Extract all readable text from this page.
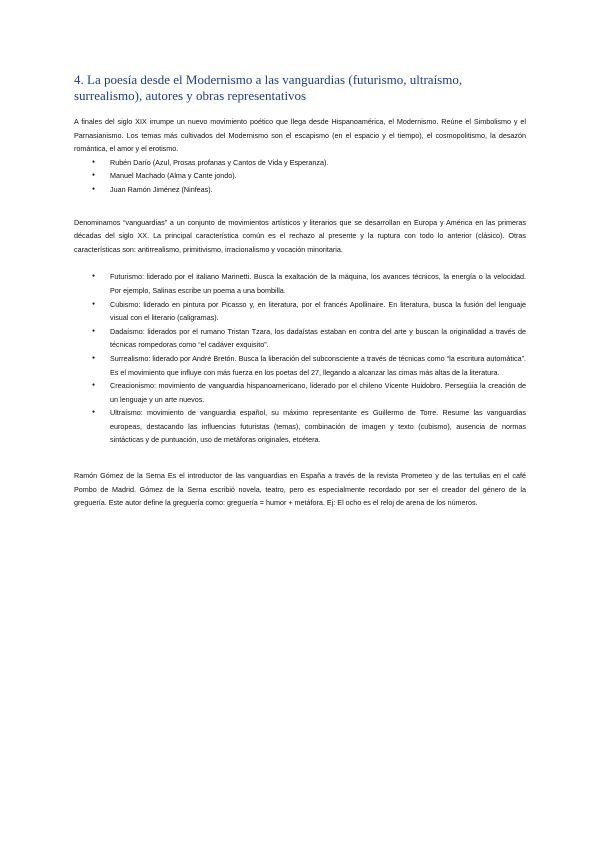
4. La poesía desde el Modernismo a las vanguardias (futurismo, ultraísmo, surrealismo), autores y obras representativos

A finales del siglo XIX irrumpe un nuevo movimiento poético que llega desde Hispanoamérica, el Modernismo. Reúne el Simbolismo y el Parnasianismo. Los temas más cultivados del Modernismo son el escapismo (en el espacio y el tiempo), el cosmopolitismo, la desazón romántica, el amor y el erotismo.

● Rubén Darío (Azul, Prosas profanas y Cantos de Vida y Esperanza).
● Manuel Machado (Alma y Cante jondo).
● Juan Ramón Jiménez (Ninfeas).

Denominamos “vanguardias” a un conjunto de movimientos artísticos y literarios que se desarrollan en Europa y América en las primeras décadas del siglo XX. La principal característica común es el rechazo al presente y la ruptura con todo lo anterior (clásico). Otras características son: antirrealismo, primitivismo, irracionalismo y vocación minoritaria.

● Futurismo: liderado por el italiano Marinetti. Busca la exaltación de la máquina, los avances técnicos, la energía o la velocidad. Por ejemplo, Salinas escribe un poema a una bombilla.
● Cubismo: liderado en pintura por Picasso y, en literatura, por el francés Apollinaire. En literatura, busca la fusión del lenguaje visual con el literario (caligramas).
● Dadaísmo: liderados por el rumano Tristan Tzara, los dadaístas estaban en contra del arte y buscan la originalidad a través de técnicas rompedoras como “el cadáver exquisito”.
● Surrealismo: liderado por André Bretón. Busca la liberación del subconsciente a través de técnicas como “la escritura automática”. Es el movimiento que influye con más fuerza en los poetas del 27, llegando a alcanzar las cimas más altas de la literatura.
● Creacionismo: movimiento de vanguardia hispanoamericano, liderado por el chileno Vicente Huidobro. Persegúia la creación de un lenguaje y un arte nuevos.
● Ultraísmo: movimiento de vanguardia español, su máximo representante es Guillermo de Torre. Resume las vanguardias europeas, destacando las influencias futuristas (temas), combinación de imagen y texto (cubismo), ausencia de normas sintácticas y de puntuación, uso de metáforas originales, etcétera.

Ramón Gómez de la Serna Es el introductor de las vanguardias en España a través de la revista Prometeo y de las tertulias en el café Pombo de Madrid. Gómez de la Serna escribió novela, teatro, pero es especialmente recordado por ser el creador del género de la greguería. Este autor define la greguería como: greguería = humor + metáfora. Ej: El ocho es el reloj de arena de los números.
